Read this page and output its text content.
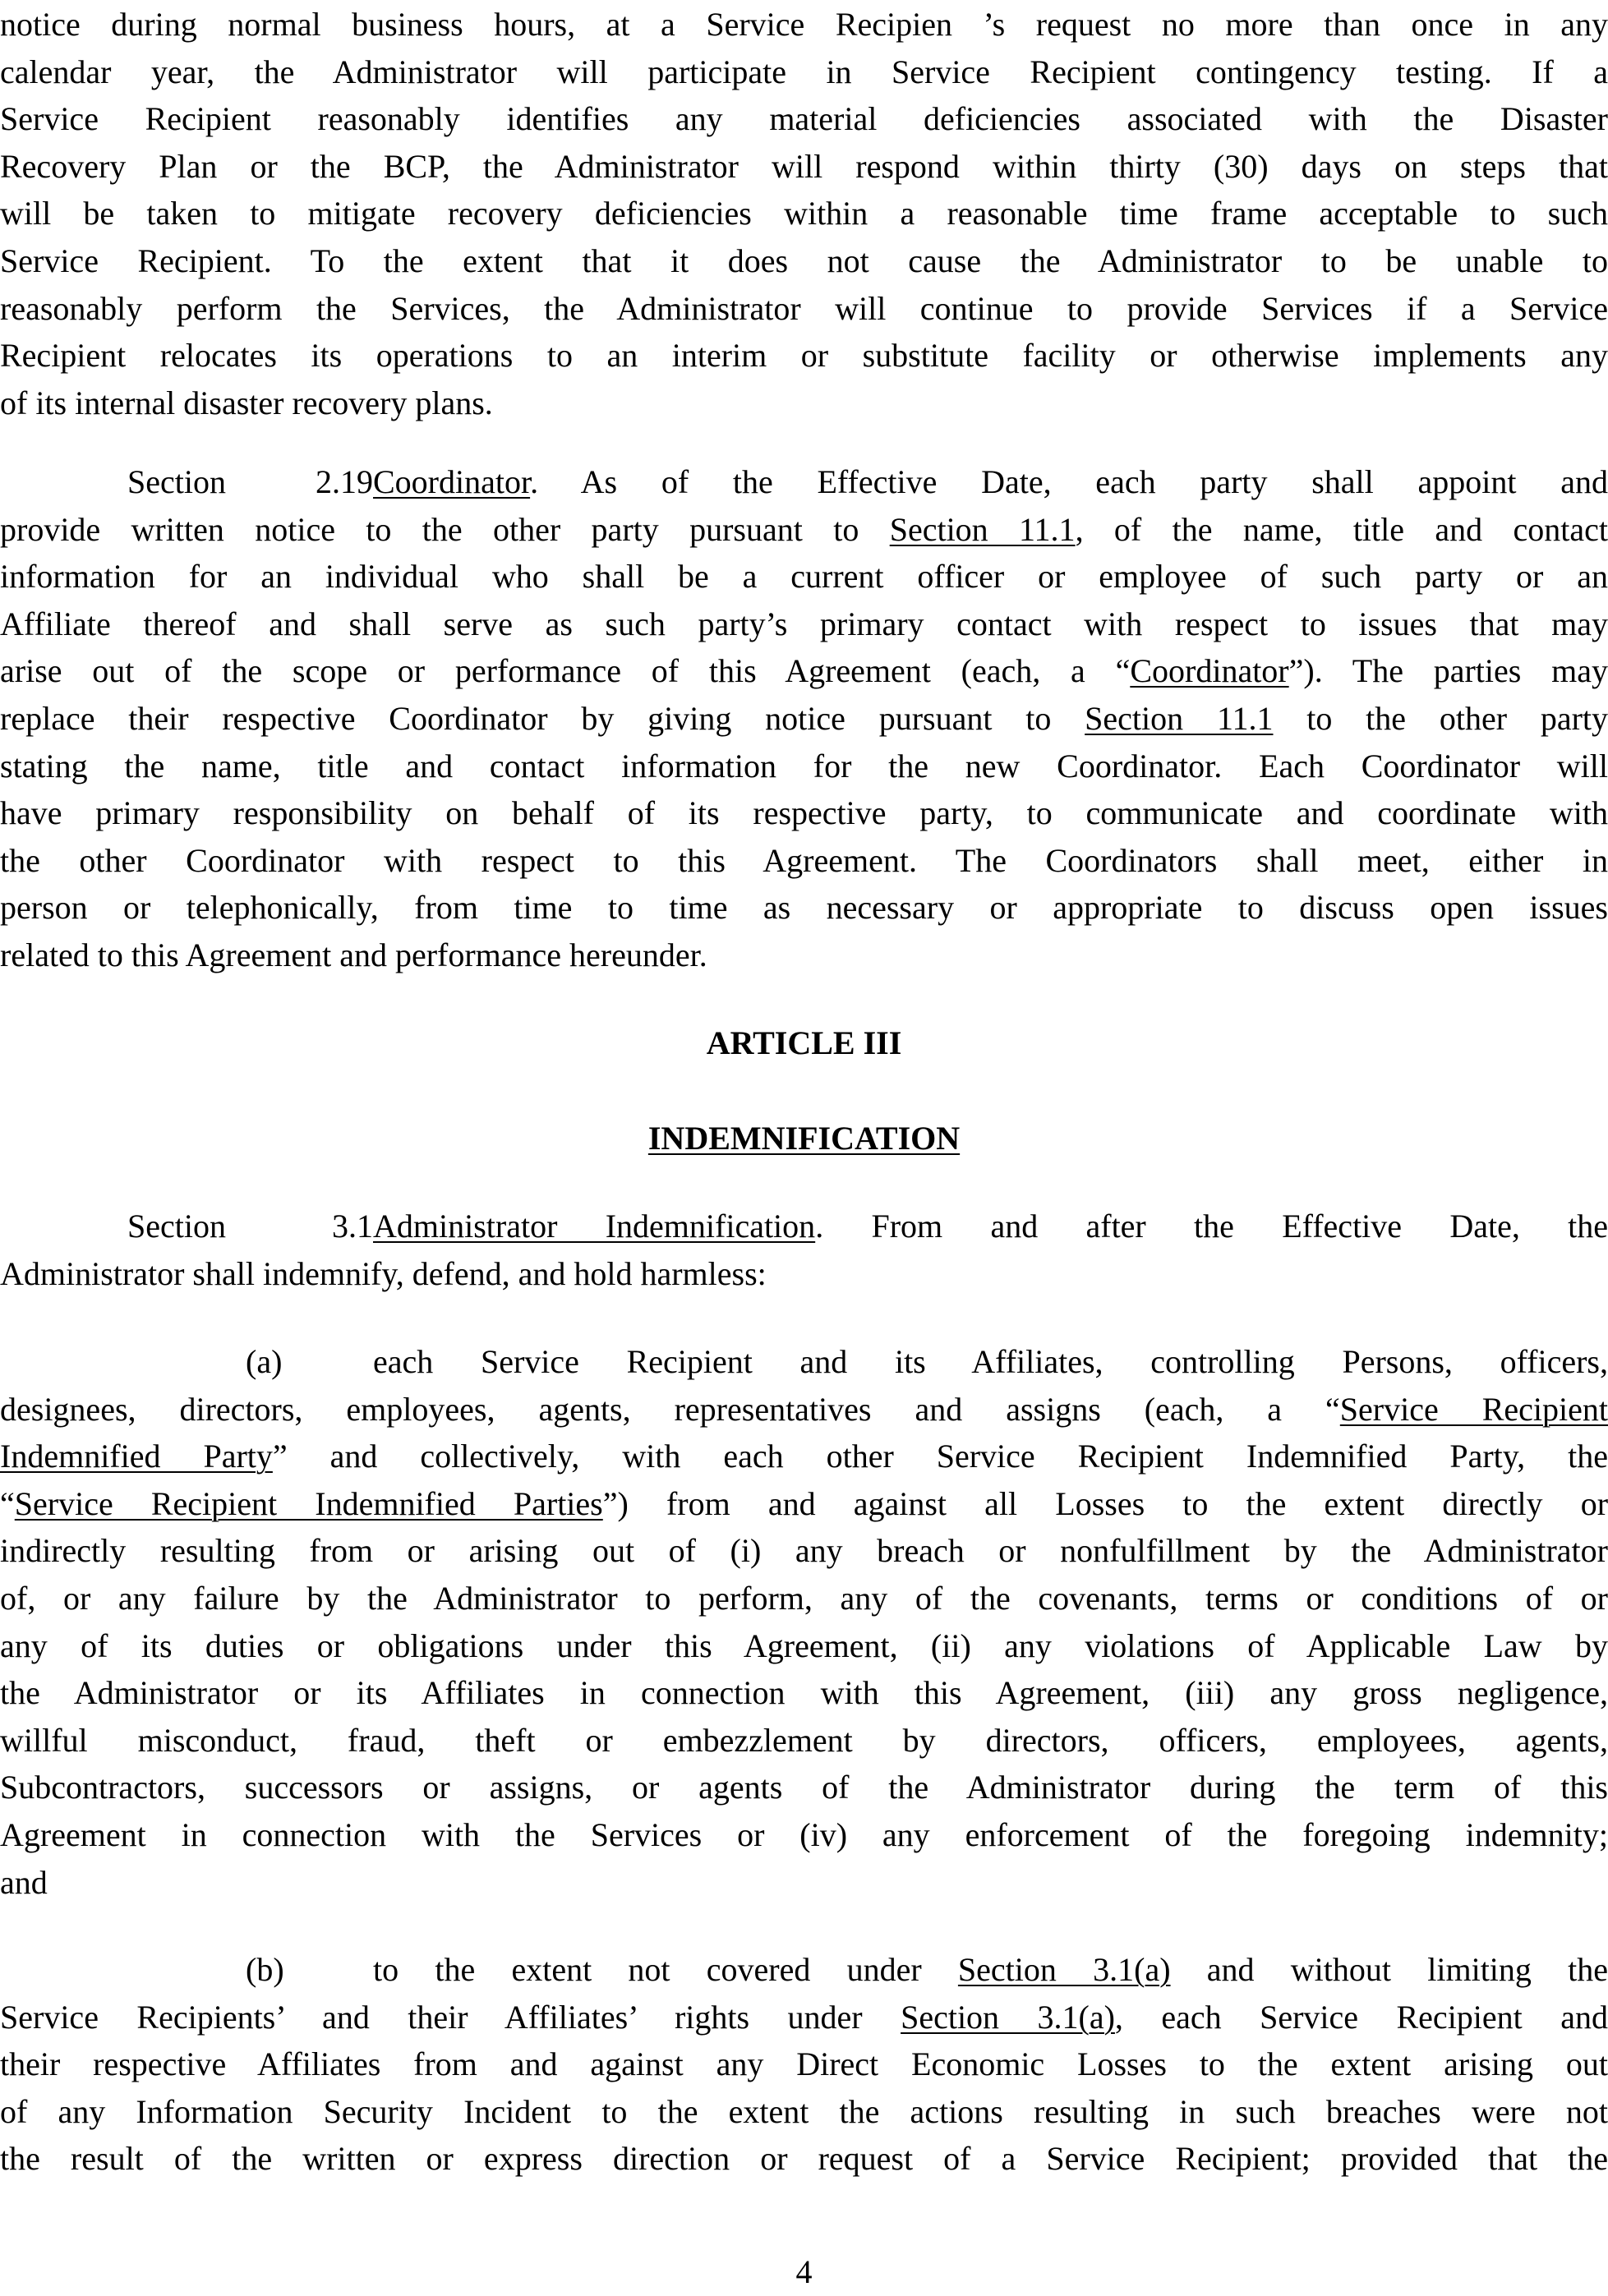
notice during normal business hours, at a Service Recipien ’s request no more than once in any
calendar year, the Administrator will participate in Service Recipient contingency testing. If a
Service Recipient reasonably identifies any material deficiencies associated with the Disaster
Recovery Plan or the BCP, the Administrator will respond within thirty (30) days on steps that
will be taken to mitigate recovery deficiencies within a reasonable time frame acceptable to such
Service Recipient. To the extent that it does not cause the Administrator to be unable to
reasonably perform the Services, the Administrator will continue to provide Services if a Service
Recipient relocates its operations to an interim or substitute facility or otherwise implements any
of its internal disaster recovery plans.
Section 2.19 Coordinator. As of the Effective Date, each party shall appoint and
provide written notice to the other party pursuant to Section 11.1, of the name, title and contact
information for an individual who shall be a current officer or employee of such party or an
Affiliate thereof and shall serve as such party’s primary contact with respect to issues that may
arise out of the scope or performance of this Agreement (each, a “Coordinator”). The parties may
replace their respective Coordinator by giving notice pursuant to Section 11.1 to the other party
stating the name, title and contact information for the new Coordinator. Each Coordinator will
have primary responsibility on behalf of its respective party, to communicate and coordinate with
the other Coordinator with respect to this Agreement. The Coordinators shall meet, either in
person or telephonically, from time to time as necessary or appropriate to discuss open issues
related to this Agreement and performance hereunder.
ARTICLE III
INDEMNIFICATION
Section 3.1 Administrator Indemnification. From and after the Effective Date, the
Administrator shall indemnify, defend, and hold harmless:
(a)	each Service Recipient and its Affiliates, controlling Persons, officers,
designees, directors, employees, agents, representatives and assigns (each, a “Service Recipient
Indemnified Party” and collectively, with each other Service Recipient Indemnified Party, the
“Service Recipient Indemnified Parties”) from and against all Losses to the extent directly or
indirectly resulting from or arising out of (i) any breach or nonfulfillment by the Administrator
of, or any failure by the Administrator to perform, any of the covenants, terms or conditions of or
any of its duties or obligations under this Agreement, (ii) any violations of Applicable Law by
the Administrator or its Affiliates in connection with this Agreement, (iii) any gross negligence,
willful misconduct, fraud, theft or embezzlement by directors, officers, employees, agents,
Subcontractors, successors or assigns, or agents of the Administrator during the term of this
Agreement in connection with the Services or (iv) any enforcement of the foregoing indemnity;
and
(b)	to the extent not covered under Section 3.1(a) and without limiting the
Service Recipients’ and their Affiliates’ rights under Section 3.1(a), each Service Recipient and
their respective Affiliates from and against any Direct Economic Losses to the extent arising out
of any Information Security Incident to the extent the actions resulting in such breaches were not
the result of the written or express direction or request of a Service Recipient; provided that the
4
